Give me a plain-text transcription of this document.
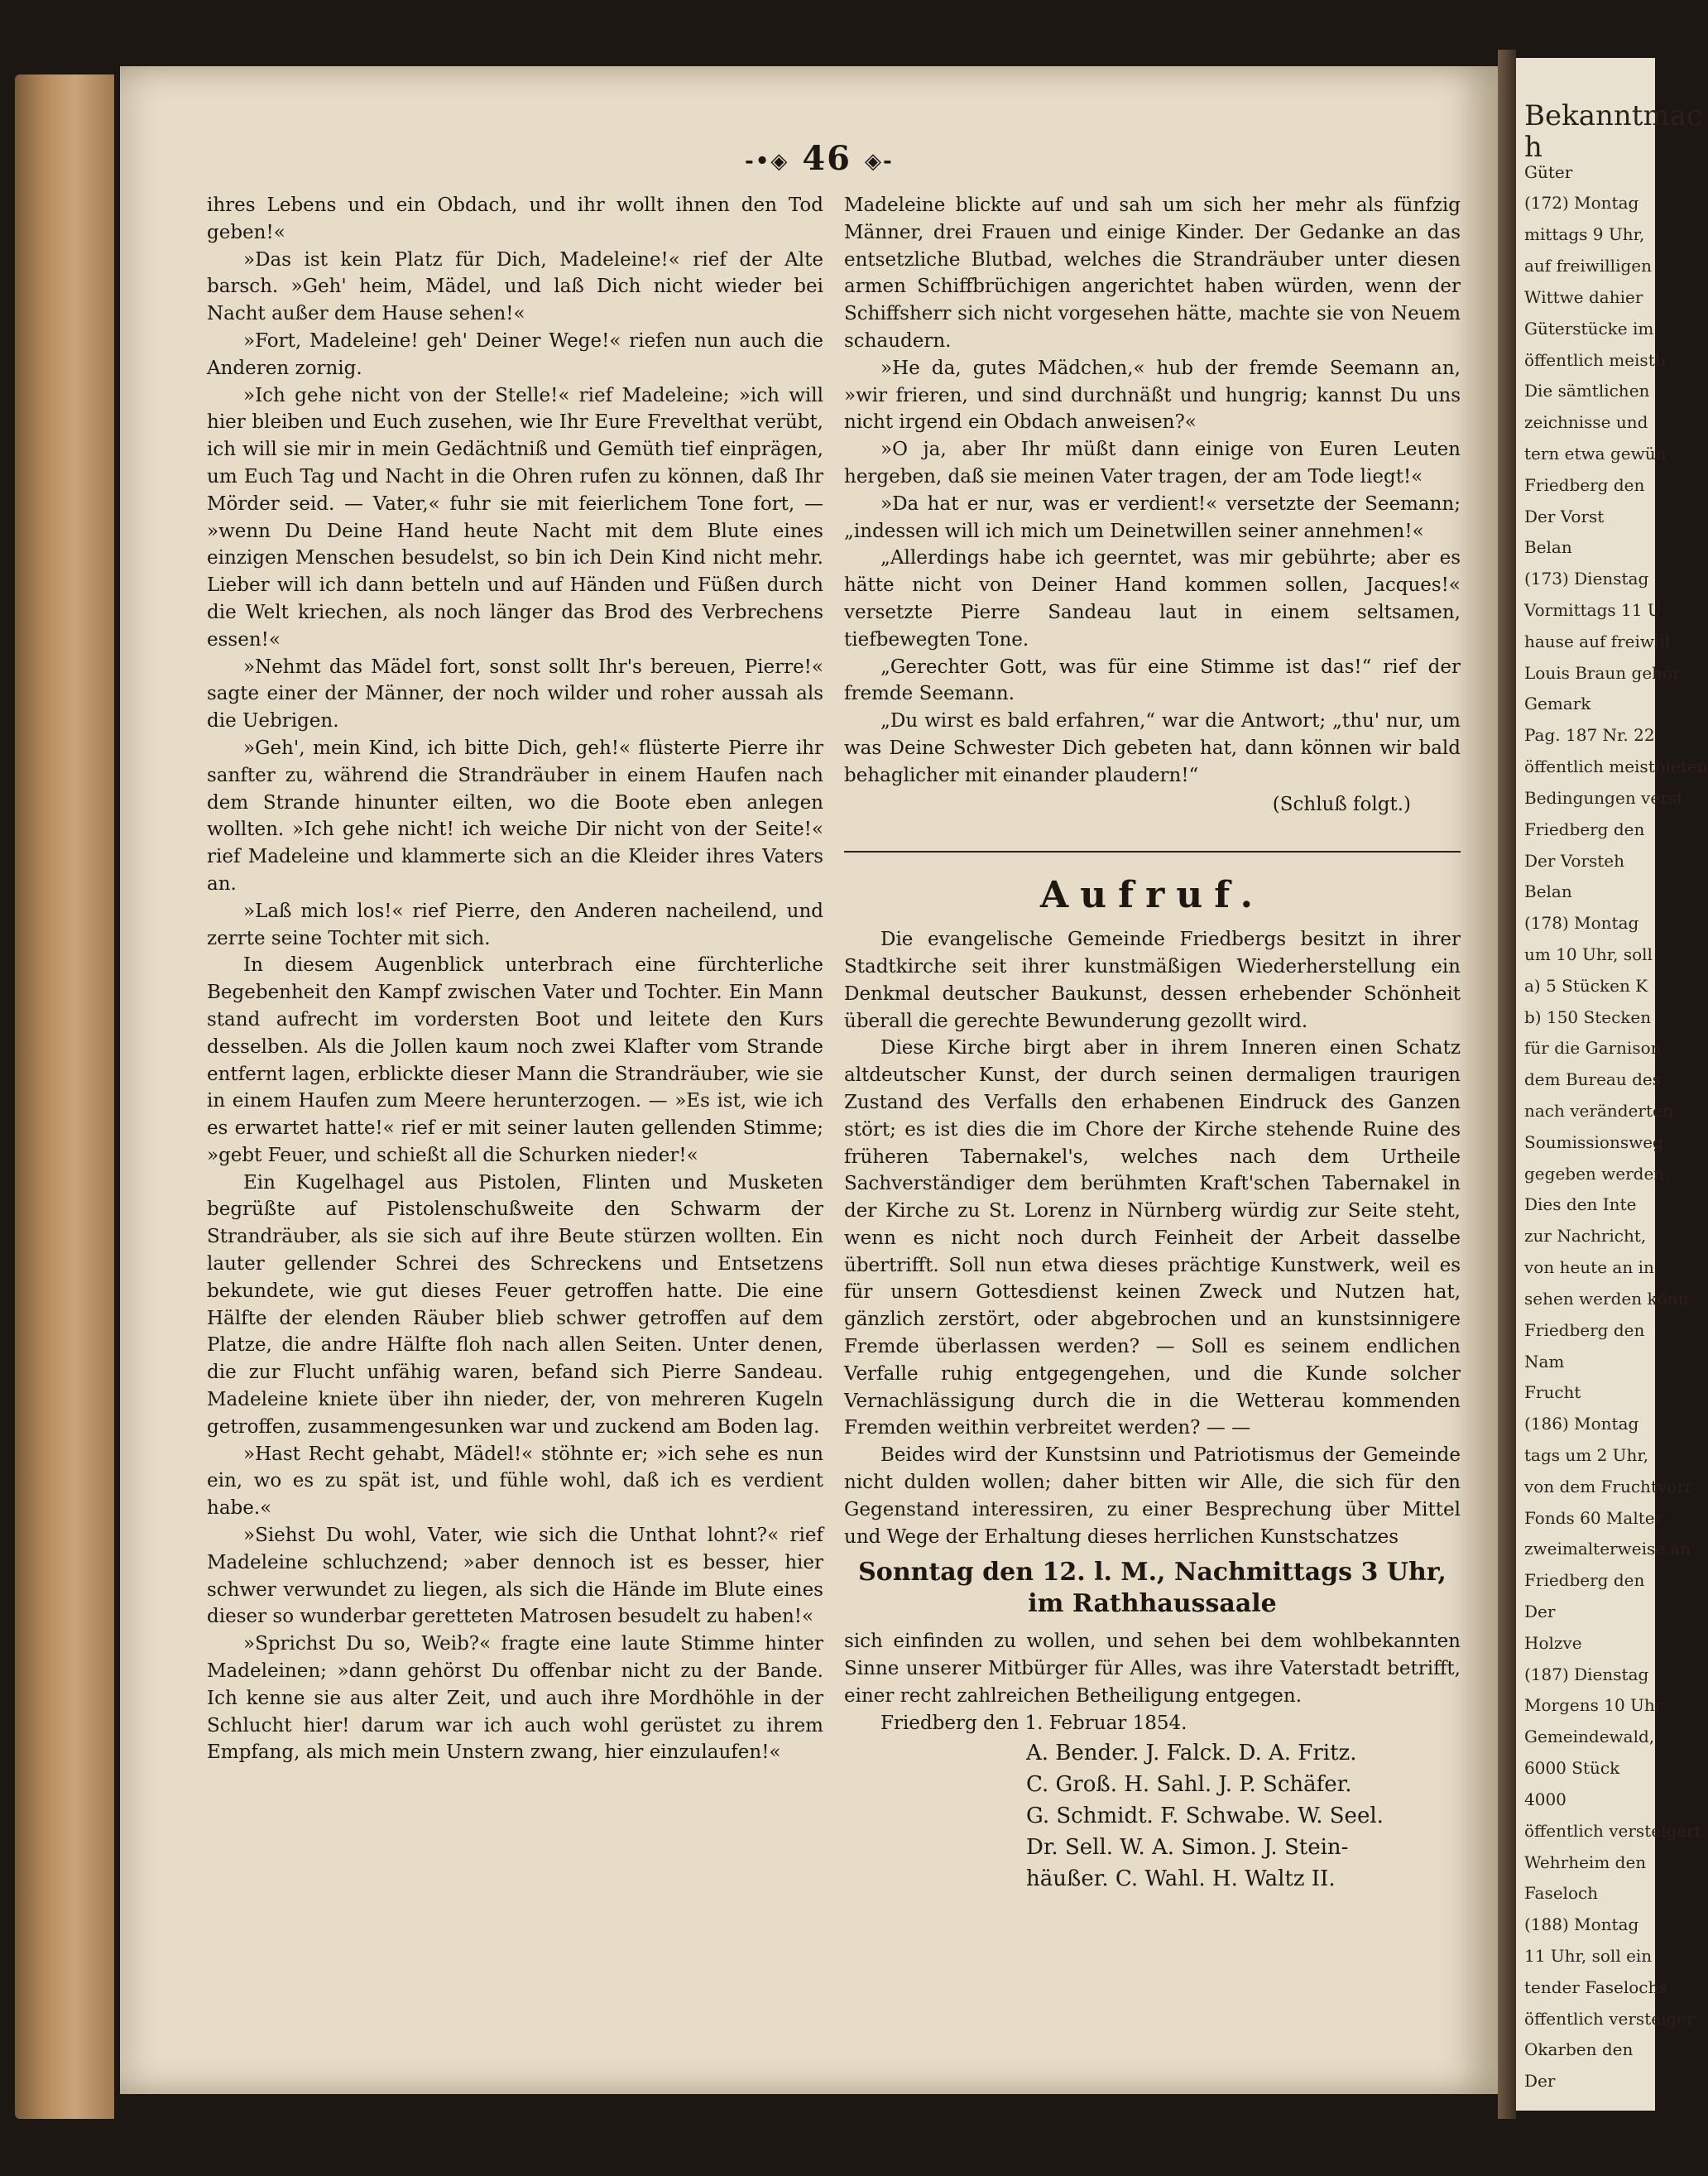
-•◈ 46 ◈-

ihres Lebens und ein Obdach, und ihr wollt ihnen den Tod geben!«

»Das ist kein Platz für Dich, Madeleine!« rief der Alte barsch. »Geh' heim, Mädel, und laß Dich nicht wieder bei Nacht außer dem Hause sehen!«

»Fort, Madeleine! geh' Deiner Wege!« riefen nun auch die Anderen zornig.

»Ich gehe nicht von der Stelle!« rief Madeleine; »ich will hier bleiben und Euch zusehen, wie Ihr Eure Frevelthat verübt, ich will sie mir in mein Gedächtniß und Gemüth tief einprägen, um Euch Tag und Nacht in die Ohren rufen zu können, daß Ihr Mörder seid. — Vater,« fuhr sie mit feierlichem Tone fort, — »wenn Du Deine Hand heute Nacht mit dem Blute eines einzigen Menschen besudelst, so bin ich Dein Kind nicht mehr. Lieber will ich dann betteln und auf Händen und Füßen durch die Welt kriechen, als noch länger das Brod des Verbrechens essen!«

»Nehmt das Mädel fort, sonst sollt Ihr's bereuen, Pierre!« sagte einer der Männer, der noch wilder und roher aussah als die Uebrigen.

»Geh', mein Kind, ich bitte Dich, geh!« flüsterte Pierre ihr sanfter zu, während die Strandräuber in einem Haufen nach dem Strande hinunter eilten, wo die Boote eben anlegen wollten. »Ich gehe nicht! ich weiche Dir nicht von der Seite!« rief Madeleine und klammerte sich an die Kleider ihres Vaters an.

»Laß mich los!« rief Pierre, den Anderen nacheilend, und zerrte seine Tochter mit sich.

In diesem Augenblick unterbrach eine fürchterliche Begebenheit den Kampf zwischen Vater und Tochter. Ein Mann stand aufrecht im vordersten Boot und leitete den Kurs desselben. Als die Jollen kaum noch zwei Klafter vom Strande entfernt lagen, erblickte dieser Mann die Strandräuber, wie sie in einem Haufen zum Meere herunterzogen. — »Es ist, wie ich es erwartet hatte!« rief er mit seiner lauten gellenden Stimme; »gebt Feuer, und schießt all die Schurken nieder!«

Ein Kugelhagel aus Pistolen, Flinten und Musketen begrüßte auf Pistolenschußweite den Schwarm der Strandräuber, als sie sich auf ihre Beute stürzen wollten. Ein lauter gellender Schrei des Schreckens und Entsetzens bekundete, wie gut dieses Feuer getroffen hatte. Die eine Hälfte der elenden Räuber blieb schwer getroffen auf dem Platze, die andre Hälfte floh nach allen Seiten. Unter denen, die zur Flucht unfähig waren, befand sich Pierre Sandeau. Madeleine kniete über ihn nieder, der, von mehreren Kugeln getroffen, zusammengesunken war und zuckend am Boden lag.

»Hast Recht gehabt, Mädel!« stöhnte er; »ich sehe es nun ein, wo es zu spät ist, und fühle wohl, daß ich es verdient habe.«

»Siehst Du wohl, Vater, wie sich die Unthat lohnt?« rief Madeleine schluchzend; »aber dennoch ist es besser, hier schwer verwundet zu liegen, als sich die Hände im Blute eines dieser so wunderbar geretteten Matrosen besudelt zu haben!«

»Sprichst Du so, Weib?« fragte eine laute Stimme hinter Madeleinen; »dann gehörst Du offenbar nicht zu der Bande. Ich kenne sie aus alter Zeit, und auch ihre Mordhöhle in der Schlucht hier! darum war ich auch wohl gerüstet zu ihrem Empfang, als mich mein Unstern zwang, hier einzulaufen!«

Madeleine blickte auf und sah um sich her mehr als fünfzig Männer, drei Frauen und einige Kinder. Der Gedanke an das entsetzliche Blutbad, welches die Strandräuber unter diesen armen Schiffbrüchigen angerichtet haben würden, wenn der Schiffsherr sich nicht vorgesehen hätte, machte sie von Neuem schaudern.

»He da, gutes Mädchen,« hub der fremde Seemann an, »wir frieren, und sind durchnäßt und hungrig; kannst Du uns nicht irgend ein Obdach anweisen?«

»O ja, aber Ihr müßt dann einige von Euren Leuten hergeben, daß sie meinen Vater tragen, der am Tode liegt!«

»Da hat er nur, was er verdient!« versetzte der Seemann; „indessen will ich mich um Deinetwillen seiner annehmen!«

„Allerdings habe ich geerntet, was mir gebührte; aber es hätte nicht von Deiner Hand kommen sollen, Jacques!« versetzte Pierre Sandeau laut in einem seltsamen, tiefbewegten Tone.

„Gerechter Gott, was für eine Stimme ist das!“ rief der fremde Seemann.

„Du wirst es bald erfahren,“ war die Antwort; „thu' nur, um was Deine Schwester Dich gebeten hat, dann können wir bald behaglicher mit einander plaudern!“

(Schluß folgt.)
Aufruf.

Die evangelische Gemeinde Friedbergs besitzt in ihrer Stadtkirche seit ihrer kunstmäßigen Wiederherstellung ein Denkmal deutscher Baukunst, dessen erhebender Schönheit überall die gerechte Bewunderung gezollt wird.

Diese Kirche birgt aber in ihrem Inneren einen Schatz altdeutscher Kunst, der durch seinen dermaligen traurigen Zustand des Verfalls den erhabenen Eindruck des Ganzen stört; es ist dies die im Chore der Kirche stehende Ruine des früheren Tabernakel's, welches nach dem Urtheile Sachverständiger dem berühmten Kraft'schen Tabernakel in der Kirche zu St. Lorenz in Nürnberg würdig zur Seite steht, wenn es nicht noch durch Feinheit der Arbeit dasselbe übertrifft. Soll nun etwa dieses prächtige Kunstwerk, weil es für unsern Gottesdienst keinen Zweck und Nutzen hat, gänzlich zerstört, oder abgebrochen und an kunstsinnigere Fremde überlassen werden? — Soll es seinem endlichen Verfalle ruhig entgegengehen, und die Kunde solcher Vernachlässigung durch die in die Wetterau kommenden Fremden weithin verbreitet werden? — —

Beides wird der Kunstsinn und Patriotismus der Gemeinde nicht dulden wollen; daher bitten wir Alle, die sich für den Gegenstand interessiren, zu einer Besprechung über Mittel und Wege der Erhaltung dieses herrlichen Kunstschatzes

Sonntag den 12. l. M., Nachmittags 3 Uhr, im Rathhaussaale

sich einfinden zu wollen, und sehen bei dem wohlbekannten Sinne unserer Mitbürger für Alles, was ihre Vaterstadt betrifft, einer recht zahlreichen Betheiligung entgegen.

Friedberg den 1. Februar 1854.

A. Bender. J. Falck. D. A. Fritz.
C. Groß. H. Sahl. J. P. Schäfer.
G. Schmidt. F. Schwabe. W. Seel.
Dr. Sell. W. A. Simon. J. Stein-
häußer. C. Wahl. H. Waltz II.
Bekanntmac
h
Güter
(172) Montag
mittags 9 Uhr,
auf freiwilligen
Wittwe dahier
Güterstücke im
öffentlich meistb
Die sämtlichen
zeichnisse und
tern etwa gewün
Friedberg den
Der Vorst
Belan
(173) Dienstag
Vormittags 11 U
hause auf freiwill
Louis Braun gehör
Gemark
Pag. 187 Nr. 22
öffentlich meistbieten
Bedingungen verst
Friedberg den
Der Vorsteh
Belan
(178) Montag
um 10 Uhr, soll
a) 5 Stücken K
b) 150 Stecken
für die Garnison
dem Bureau des
nach veränderten
Soumissionsweg
gegeben werden.
Dies den Inte
zur Nachricht,
von heute an in
sehen werden könn
Friedberg den
Nam
Frucht
(186) Montag
tags um 2 Uhr,
von dem Fruchtvorr
Fonds 60 Malter
zweimalterweise an
Friedberg den
Der
Holzve
(187) Dienstag
Morgens 10 Uhr
Gemeindewald,
6000 Stück
4000
öffentlich versteigert
Wehrheim den
Faseloch
(188) Montag
11 Uhr, soll ein
tender Faselochs
öffentlich versteiger
Okarben den
Der
